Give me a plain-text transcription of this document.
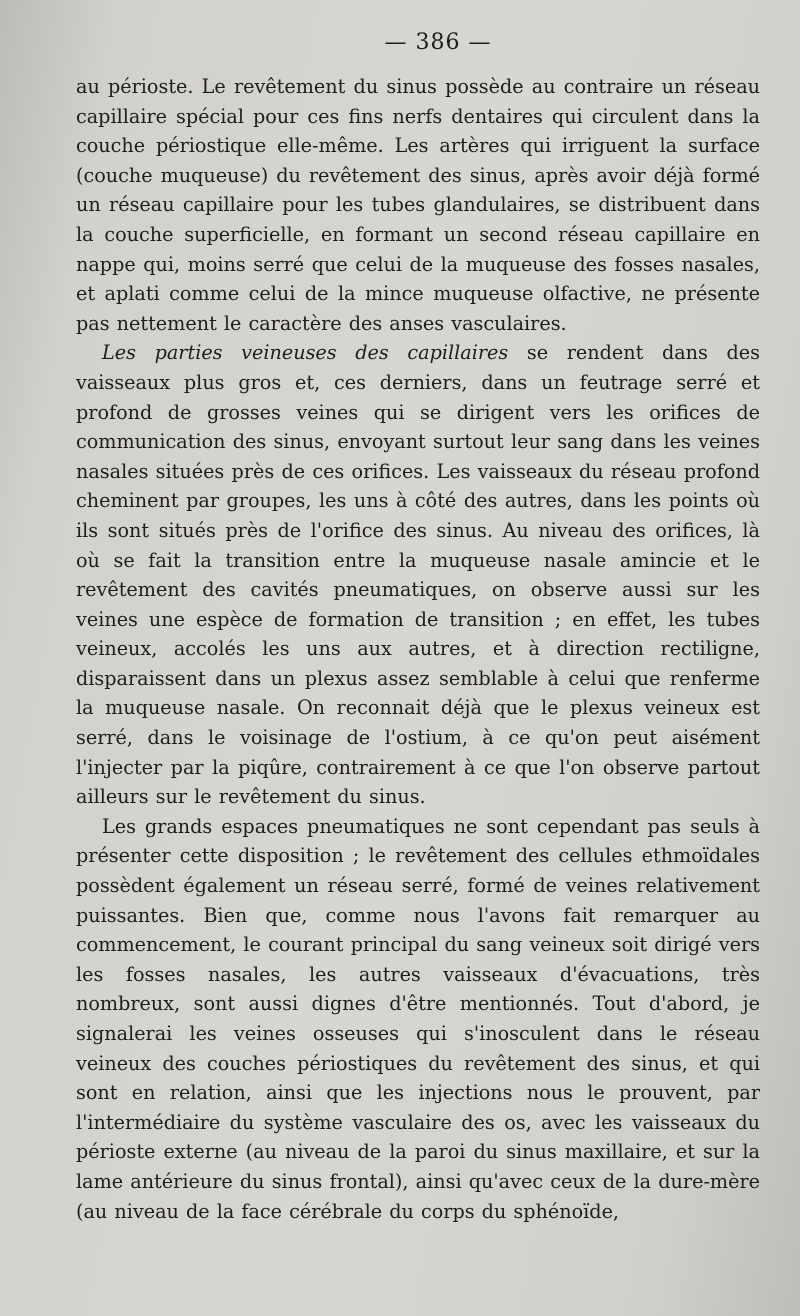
— 386 —

au périoste. Le revêtement du sinus possède au contraire un réseau capillaire spécial pour ces fins nerfs dentaires qui circulent dans la couche périostique elle-même. Les artères qui irriguent la surface (couche muqueuse) du revêtement des sinus, après avoir déjà formé un réseau capillaire pour les tubes glandulaires, se distribuent dans la couche superficielle, en formant un second réseau capillaire en nappe qui, moins serré que celui de la muqueuse des fosses nasales, et aplati comme celui de la mince muqueuse olfactive, ne présente pas nettement le caractère des anses vasculaires.

Les parties veineuses des capillaires se rendent dans des vaisseaux plus gros et, ces derniers, dans un feutrage serré et profond de grosses veines qui se dirigent vers les orifices de communication des sinus, envoyant surtout leur sang dans les veines nasales situées près de ces orifices. Les vaisseaux du réseau profond cheminent par groupes, les uns à côté des autres, dans les points où ils sont situés près de l'orifice des sinus. Au niveau des orifices, là où se fait la transition entre la muqueuse nasale amincie et le revêtement des cavités pneumatiques, on observe aussi sur les veines une espèce de formation de transition ; en effet, les tubes veineux, accolés les uns aux autres, et à direction rectiligne, disparaissent dans un plexus assez semblable à celui que renferme la muqueuse nasale. On reconnait déjà que le plexus veineux est serré, dans le voisinage de l'ostium, à ce qu'on peut aisément l'injecter par la piqûre, contrairement à ce que l'on observe partout ailleurs sur le revêtement du sinus.

Les grands espaces pneumatiques ne sont cependant pas seuls à présenter cette disposition ; le revêtement des cellules ethmoïdales possèdent également un réseau serré, formé de veines relativement puissantes. Bien que, comme nous l'avons fait remarquer au commencement, le courant principal du sang veineux soit dirigé vers les fosses nasales, les autres vaisseaux d'évacuations, très nombreux, sont aussi dignes d'être mentionnés. Tout d'abord, je signalerai les veines osseuses qui s'inosculent dans le réseau veineux des couches périostiques du revêtement des sinus, et qui sont en relation, ainsi que les injections nous le prouvent, par l'intermédiaire du système vasculaire des os, avec les vaisseaux du périoste externe (au niveau de la paroi du sinus maxillaire, et sur la lame antérieure du sinus frontal), ainsi qu'avec ceux de la dure-mère (au niveau de la face cérébrale du corps du sphénoïde,
